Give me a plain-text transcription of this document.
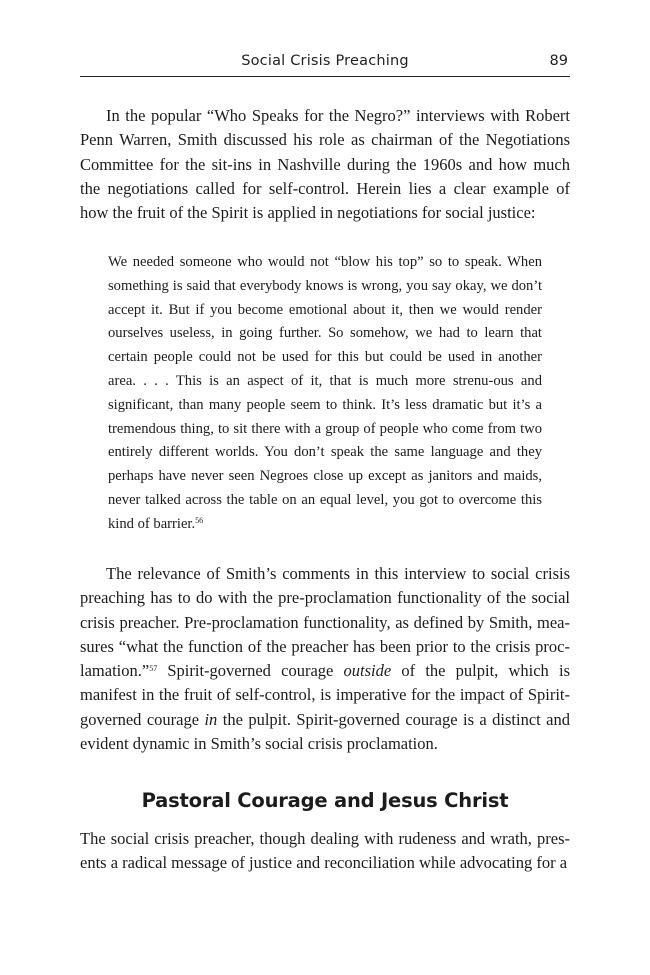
Social Crisis Preaching	89

In the popular “Who Speaks for the Negro?” interviews with Robert Penn Warren, Smith discussed his role as chairman of the Negotiations Committee for the sit-ins in Nashville during the 1960s and how much the negotiations called for self-control. Herein lies a clear example of how the fruit of the Spirit is applied in negotiations for social justice:

We needed someone who would not “blow his top” so to speak. When something is said that everybody knows is wrong, you say okay, we don’t accept it. But if you become emotional about it, then we would render ourselves useless, in going further. So somehow, we had to learn that certain people could not be used for this but could be used in another area. . . . This is an aspect of it, that is much more strenu-ous and significant, than many people seem to think. It’s less dramatic but it’s a tremendous thing, to sit there with a group of people who come from two entirely different worlds. You don’t speak the same language and they perhaps have never seen Negroes close up except as janitors and maids, never talked across the table on an equal level, you got to overcome this kind of barrier.$^{56}$

The relevance of Smith’s comments in this interview to social crisis preaching has to do with the pre-proclamation functionality of the social crisis preacher. Pre-proclamation functionality, as defined by Smith, mea-sures “what the function of the preacher has been prior to the crisis proc-lamation.”$^{57}$ Spirit-governed courage outside of the pulpit, which is manifest in the fruit of self-control, is imperative for the impact of Spirit-governed courage in the pulpit. Spirit-governed courage is a distinct and evident dynamic in Smith’s social crisis proclamation.

Pastoral Courage and Jesus Christ

The social crisis preacher, though dealing with rudeness and wrath, pres-ents a radical message of justice and reconciliation while advocating for a
